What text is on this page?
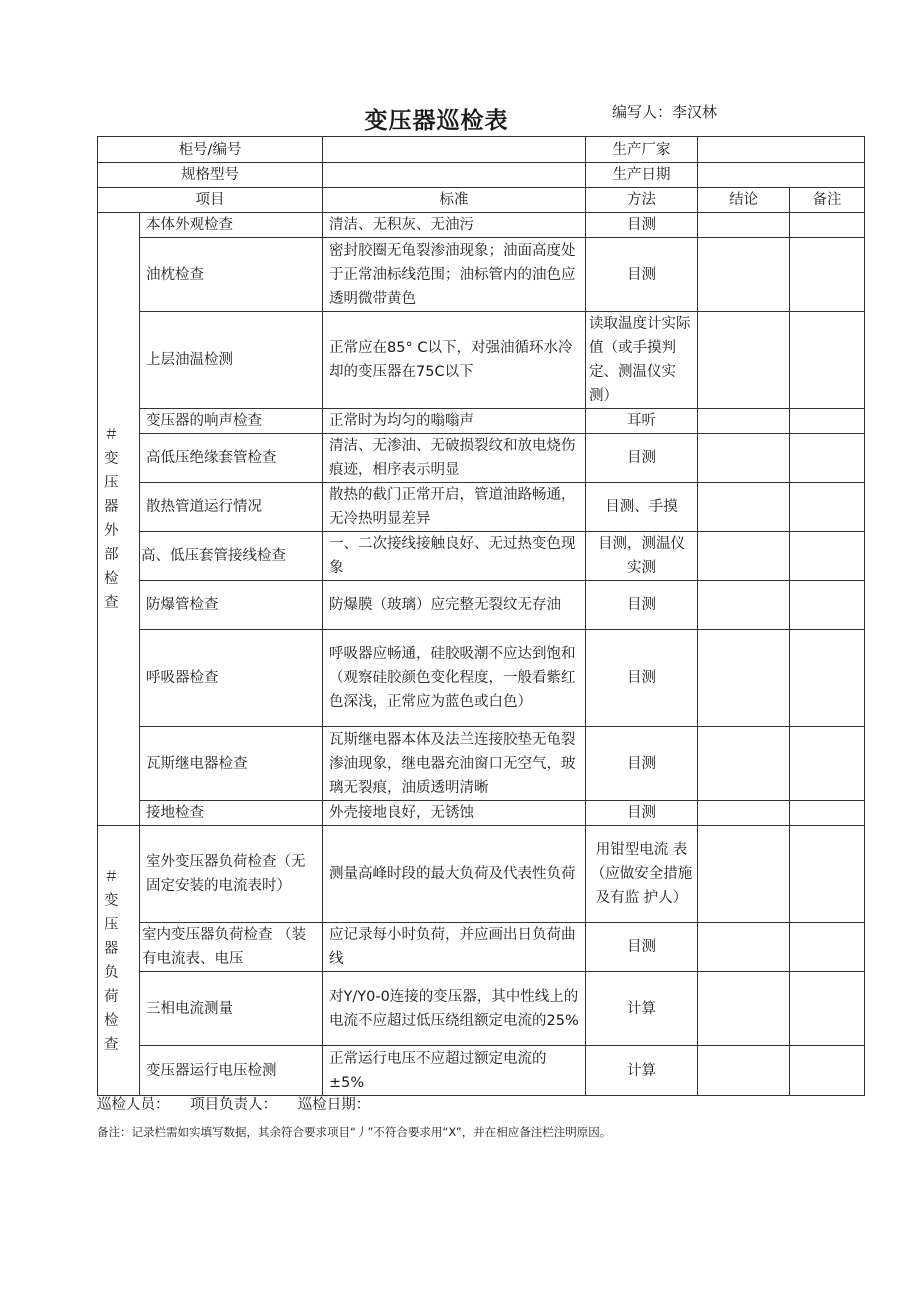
变压器巡检表	编写人：李汉林
柜号/编号			生产厂家		
规格型号			生产日期		
项目		标准	方法	结论	备注

＃ 变
压 器
外 部
检 查	本体外观检查	清洁、无积灰、无油污	目测		
	油枕检查	密封胶圈无龟裂渗油现象；油面高度处于正常油标线范围；油标管内的油色应透明微带黄色	目测		
	上层油温检测	正常应在85° C以下，对强油循环水冷却的变压器在75C以下	读取温度计实际值（或手摸判定、测温仪实测）		
	变压器的响声检查	正常时为均匀的嗡嗡声	耳听		
	高低压绝缘套管检查	清洁、无渗油、无破损裂纹和放电烧伤痕迹，相序表示明显	目测		
	散热管道运行情况	散热的截门正常开启，管道油路畅通，无冷热明显差异	目测、手摸		
	高、低压套管接线检查	一、二次接线接触良好、无过热变色现象	目测，测温仪实测		
	防爆管检查	防爆膜（玻璃）应完整无裂纹无存油	目测		
	呼吸器检查	呼吸器应畅通，硅胶吸潮不应达到饱和（观察硅胶颜色变化程度，一般看紫红色深浅，正常应为蓝色或白色）	目测		
	瓦斯继电器检查	瓦斯继电器本体及法兰连接胶垫无龟裂渗油现象，继电器充油窗口无空气，玻璃无裂痕，油质透明清晰	目测		
	接地检查	外壳接地良好，无锈蚀	目测		

＃ 变
压 器
负 荷
检 查	室外变压器负荷检查（无固定安装的电流表时）	测量高峰时段的最大负荷及代表性负荷	用钳型电流 表（应做安全措施及有监 护人）		
	室内变压器负荷检查 （装有电流表、电压	应记录每小时负荷，并应画出日负荷曲线	目测		
	三相电流测量	对Y/Y0-0连接的变压器，其中性线上的电流不应超过低压绕组额定电流的25%	计算		
	变压器运行电压检测	正常运行电压不应超过额定电流的±5%	计算		
巡检人员： 项目负责人： 巡检日期：
备注：记录栏需如实填写数据，其余符合要求项目“丿”不符合要求用“X”，并在相应备注栏注明原因。
